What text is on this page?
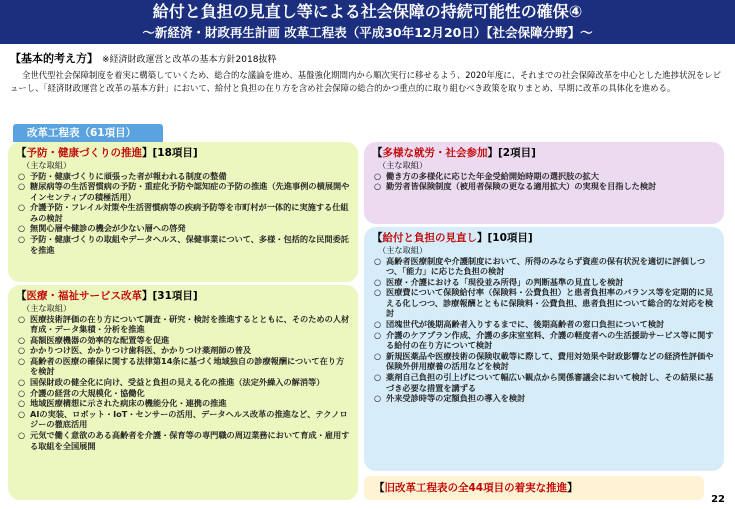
給付と負担の見直し等による社会保障の持続可能性の確保④
～新経済・財政再生計画 改革工程表（平成30年12月20日）【社会保障分野】～
【基本的考え方】 ※経済財政運営と改革の基本方針2018抜粋
全世代型社会保障制度を着実に構築していくため、総合的な議論を進め、基盤強化期間内から順次実行に移せるよう、2020年度に、それまでの社会保障改革を中心とした進捗状況をレビューし、「経済財政運営と改革の基本方針」において、給付と負担の在り方を含め社会保障の総合的かつ重点的に取り組むべき政策を取りまとめ、早期に改革の具体化を進める。
改革工程表（61項目）
【予防・健康づくりの推進】[18項目]
（主な取組）
○ 予防・健康づくりに頑張った者が報われる制度の整備
○ 糖尿病等の生活習慣病の予防・重症化予防や認知症の予防の推進（先進事例の横展開やインセンティブの積極活用）
○ 介護予防・フレイル対策や生活習慣病等の疾病予防等を市町村が一体的に実施する仕組みの検討
○ 無関心層や健診の機会が少ない層への啓発
○ 予防・健康づくりの取組やデータヘルス、保健事業について、多様・包括的な民間委託を推進
【医療・福祉サービス改革】[31項目]
（主な取組）
○ 医療技術評価の在り方について調査・研究・検討を推進するとともに、そのための人材育成・データ集積・分析を推進
○ 高額医療機器の効率的な配置等を促進
○ かかりつけ医、かかりつけ歯科医、かかりつけ薬剤師の普及
○ 高齢者の医療の確保に関する法律第14条に基づく地域独自の診療報酬について在り方を検討
○ 国保財政の健全化に向け、受益と負担の見える化の推進（法定外繰入の解消等）
○ 介護の経営の大規模化・協働化
○ 地域医療構想に示された病床の機能分化・連携の推進
○ AIの実装、ロボット・IoT・センサーの活用、データヘルス改革の推進など、テクノロジーの徹底活用
○ 元気で働く意欲のある高齢者を介護・保育等の専門職の周辺業務において育成・雇用する取組を全国展開
【多様な就労・社会参加】[2項目]
（主な取組）
○ 働き方の多様化に応じた年金受給開始時期の選択肢の拡大
○ 勤労者皆保険制度（被用者保険の更なる適用拡大）の実現を目指した検討
【給付と負担の見直し】[10項目]
（主な取組）
○ 高齢者医療制度や介護制度において、所得のみならず資産の保有状況を適切に評価しつつ、「能力」に応じた負担の検討
○ 医療・介護における「現役並み所得」の判断基準の見直しを検討
○ 医療費について保険給付率（保険料・公費負担）と患者負担率のバランス等を定期的に見える化しつつ、診療報酬とともに保険料・公費負担、患者負担について総合的な対応を検討
○ 団塊世代が後期高齢者入りするまでに、後期高齢者の窓口負担について検討
○ 介護のケアプラン作成、介護の多床室室料、介護の軽度者への生活援助サービス等に関する給付の在り方について検討
○ 新規医薬品や医療技術の保険収載等に際して、費用対効果や財政影響などの経済性評価や保険外併用療養の活用などを検討
○ 薬剤自己負担の引上げについて幅広い観点から関係審議会において検討し、その結果に基づき必要な措置を講ずる
○ 外来受診時等の定額負担の導入を検討
【旧改革工程表の全44項目の着実な推進】
22
